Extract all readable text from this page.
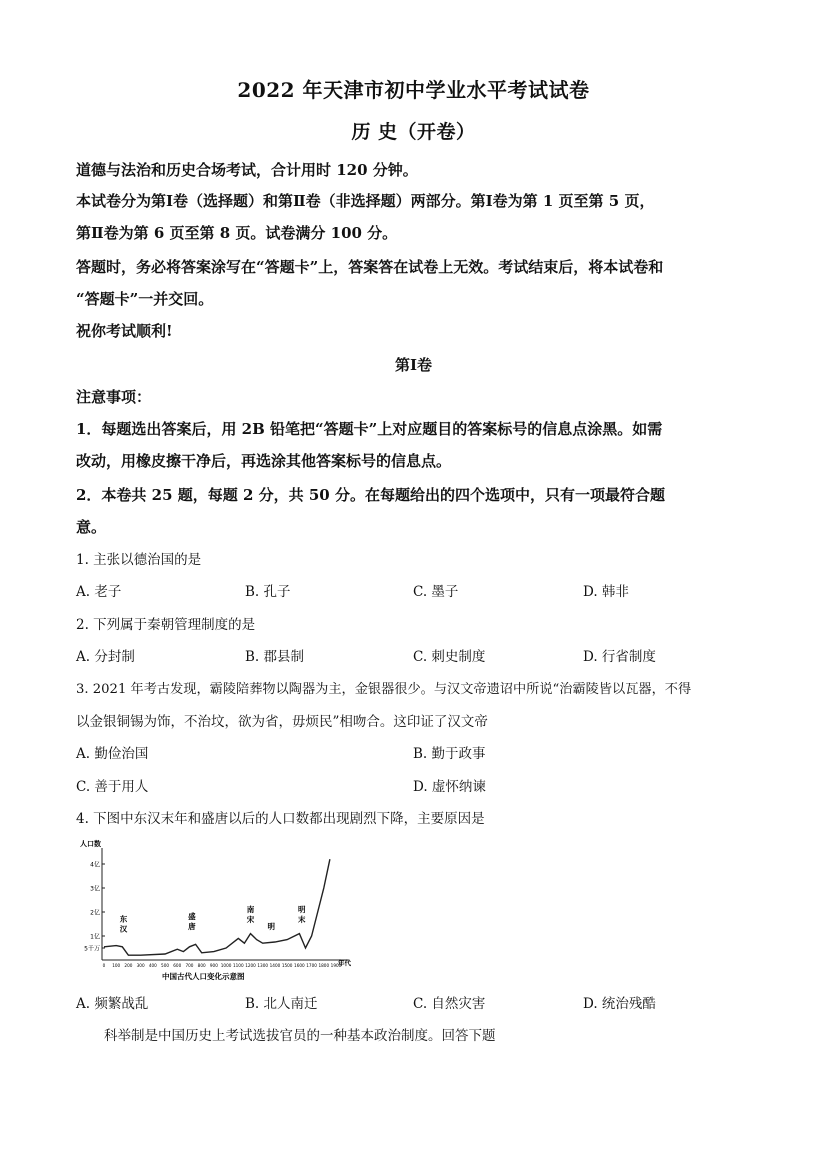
2022 年天津市初中学业水平考试试卷
历 史（开卷）
道德与法治和历史合场考试，合计用时 120 分钟。
本试卷分为第Ⅰ卷（选择题）和第Ⅱ卷（非选择题）两部分。第Ⅰ卷为第 1 页至第 5 页，
第Ⅱ卷为第 6 页至第 8 页。试卷满分 100 分。
答题时，务必将答案涂写在“答题卡”上，答案答在试卷上无效。考试结束后，将本试卷和
“答题卡”一并交回。
祝你考试顺利!
第Ⅰ卷
注意事项：
1．每题选出答案后，用 2B 铅笔把“答题卡”上对应题目的答案标号的信息点涂黑。如需
改动，用橡皮擦干净后，再选涂其他答案标号的信息点。
2．本卷共 25 题，每题 2 分，共 50 分。在每题给出的四个选项中，只有一项最符合题
意。
1. 主张以德治国的是
A. 老子	B. 孔子	C. 墨子	D. 韩非
2. 下列属于秦朝管理制度的是
A. 分封制	B. 郡县制	C. 刺史制度	D. 行省制度
3. 2021 年考古发现，霸陵陪葬物以陶器为主，金银器很少。与汉文帝遗诏中所说“治霸陵皆以瓦器，不得
以金银铜锡为饰，不治坟，欲为省，毋烦民”相吻合。这印证了汉文帝
A. 勤俭治国	B. 勤于政事
C. 善于用人	D. 虚怀纳谏
4. 下图中东汉末年和盛唐以后的人口数都出现剧烈下降，主要原因是
人口数
5千万
1亿
2亿
3亿
4亿
0 100 200 300 400 500 600 700 800 900 1000 1100 1200 1300 1400 1500 1600 1700 1800 1900
东
汉
盛
唐
南
宋
明
明
末
年代
中国古代人口变化示意图
A. 频繁战乱	B. 北人南迁	C. 自然灾害	D. 统治残酷
科举制是中国历史上考试选拔官员的一种基本政治制度。回答下题
